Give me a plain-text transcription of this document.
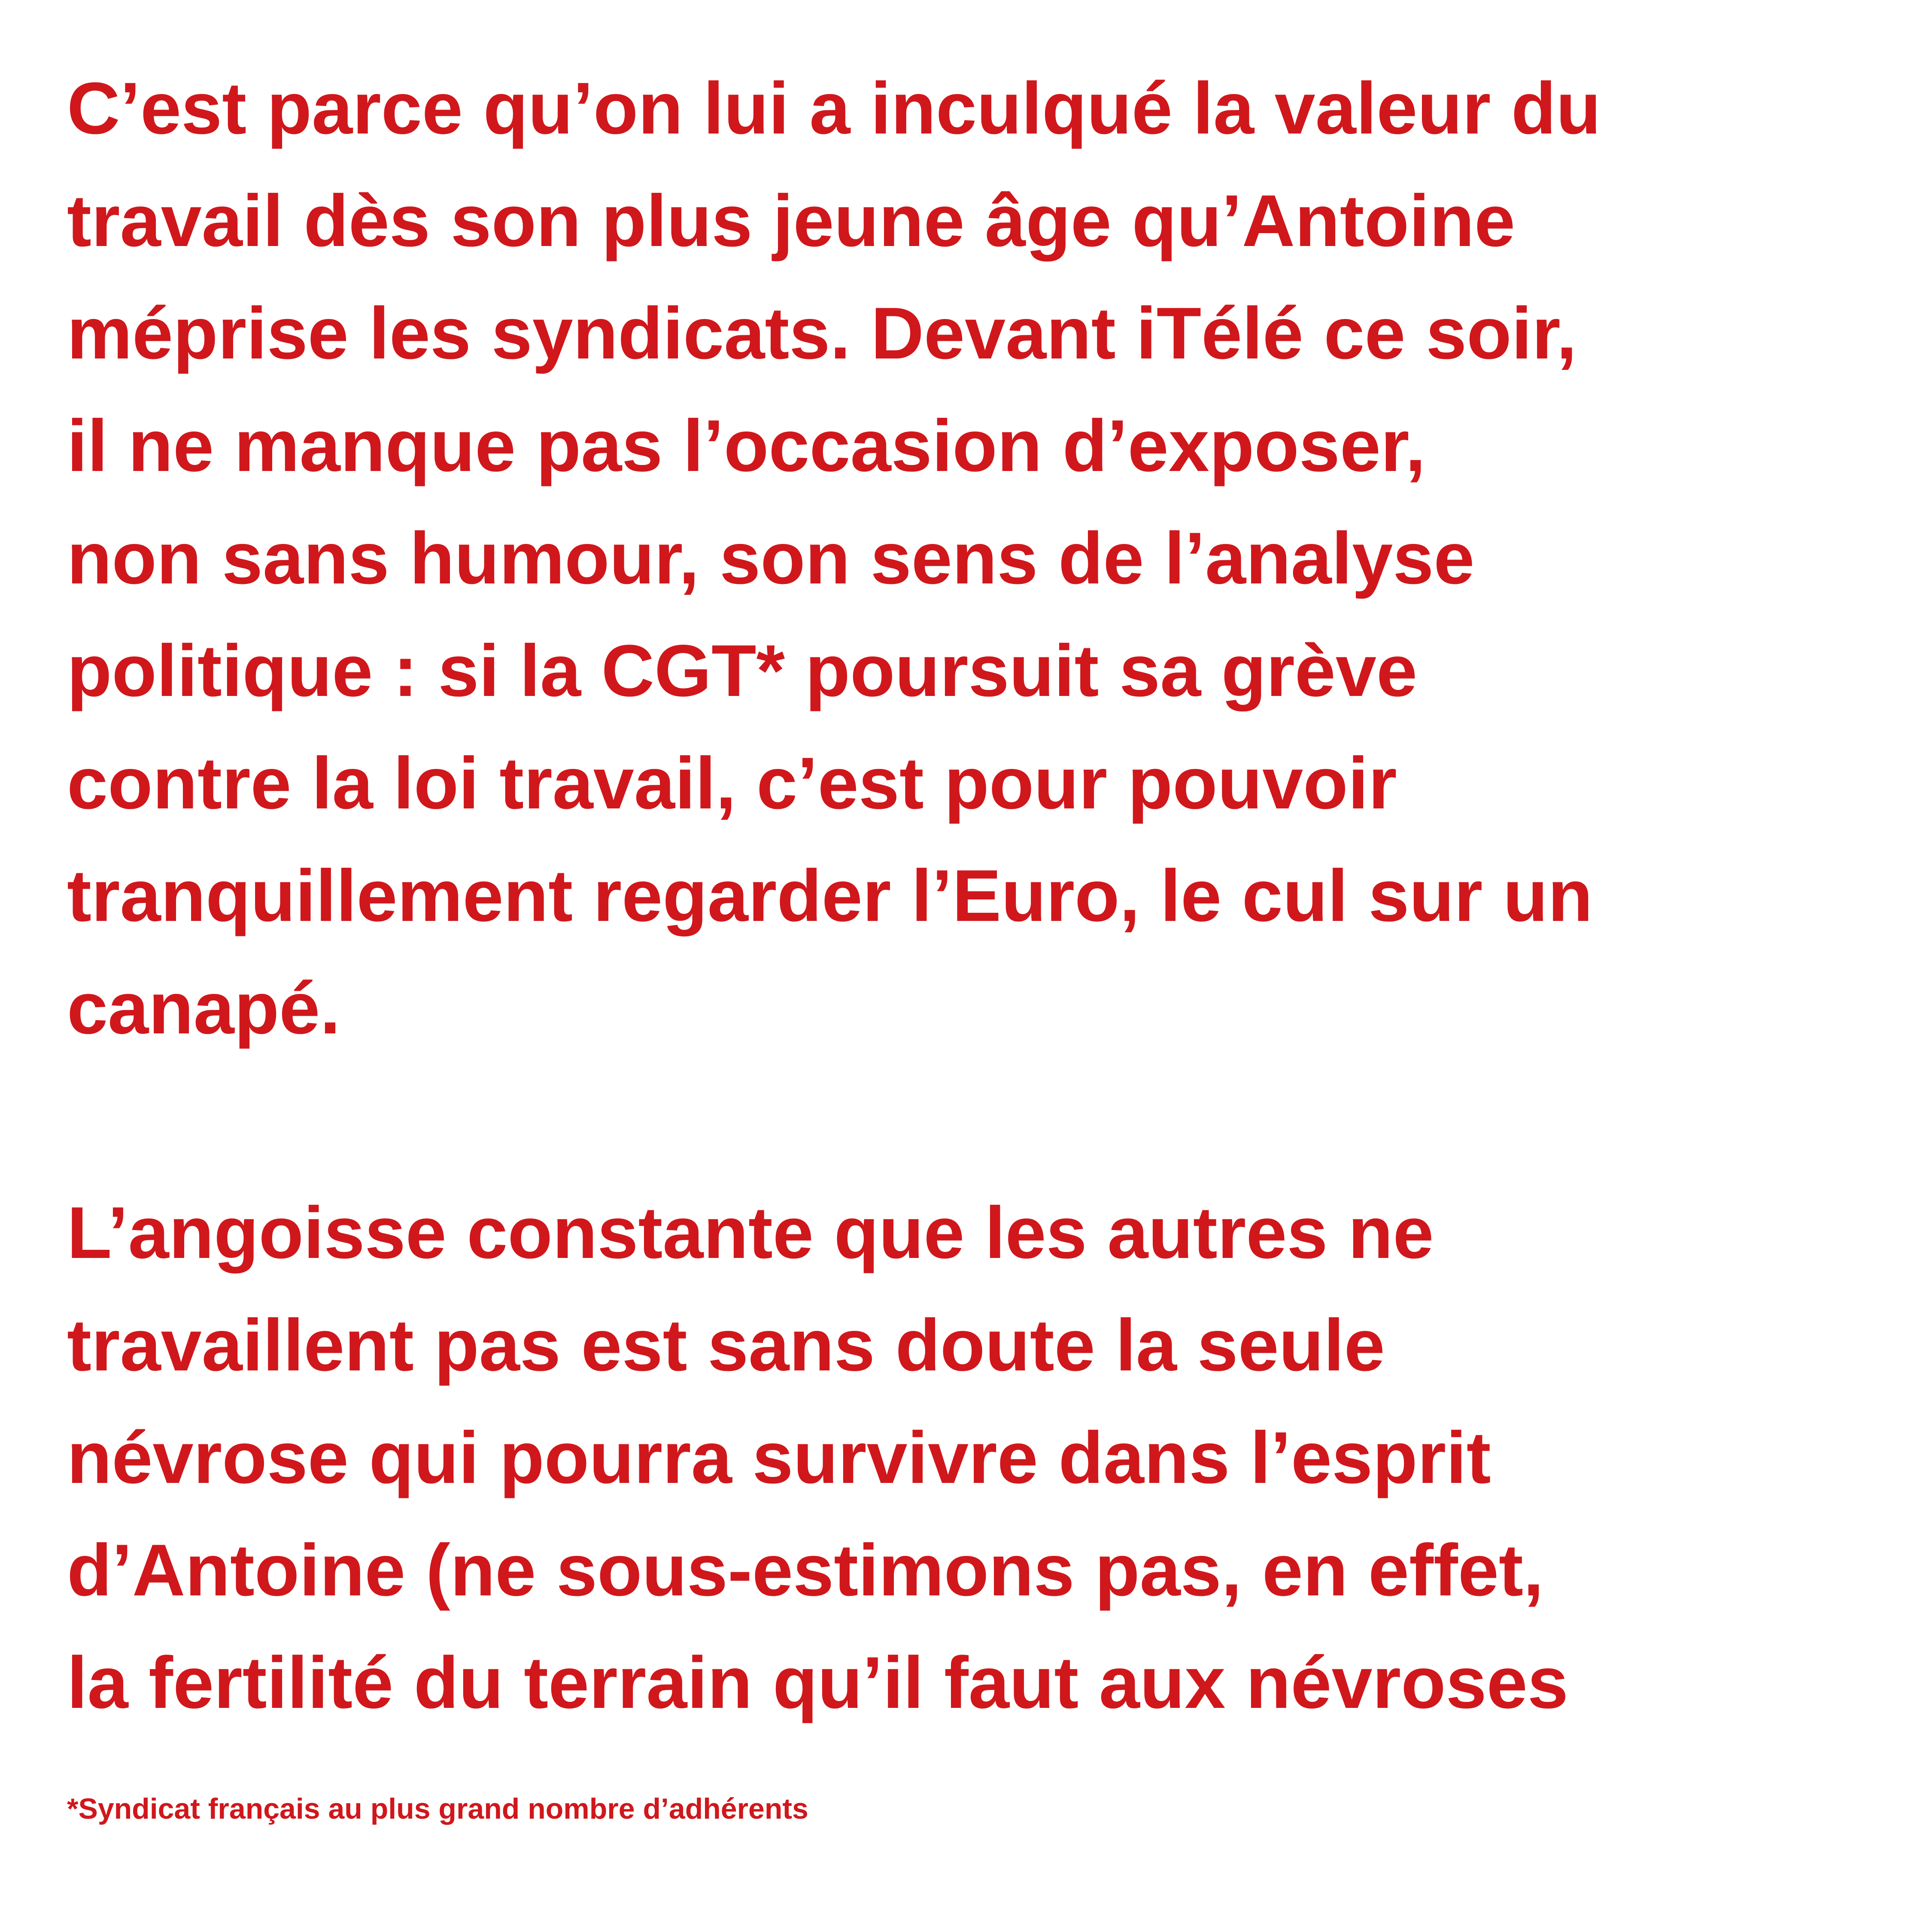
C’est parce qu’on lui a inculqué la valeur du
travail dès son plus jeune âge qu’Antoine
méprise les syndicats. Devant iTélé ce soir,
il ne manque pas l’occasion d’exposer,
non sans humour, son sens de l’analyse
politique : si la CGT* poursuit sa grève
contre la loi travail, c’est pour pouvoir
tranquillement regarder l’Euro, le cul sur un
canapé.

L’angoisse constante que les autres ne
travaillent pas est sans doute la seule
névrose qui pourra survivre dans l’esprit
d’Antoine (ne sous-estimons pas, en effet,
la fertilité du terrain qu’il faut aux névroses

*Syndicat français au plus grand nombre d’adhérents
